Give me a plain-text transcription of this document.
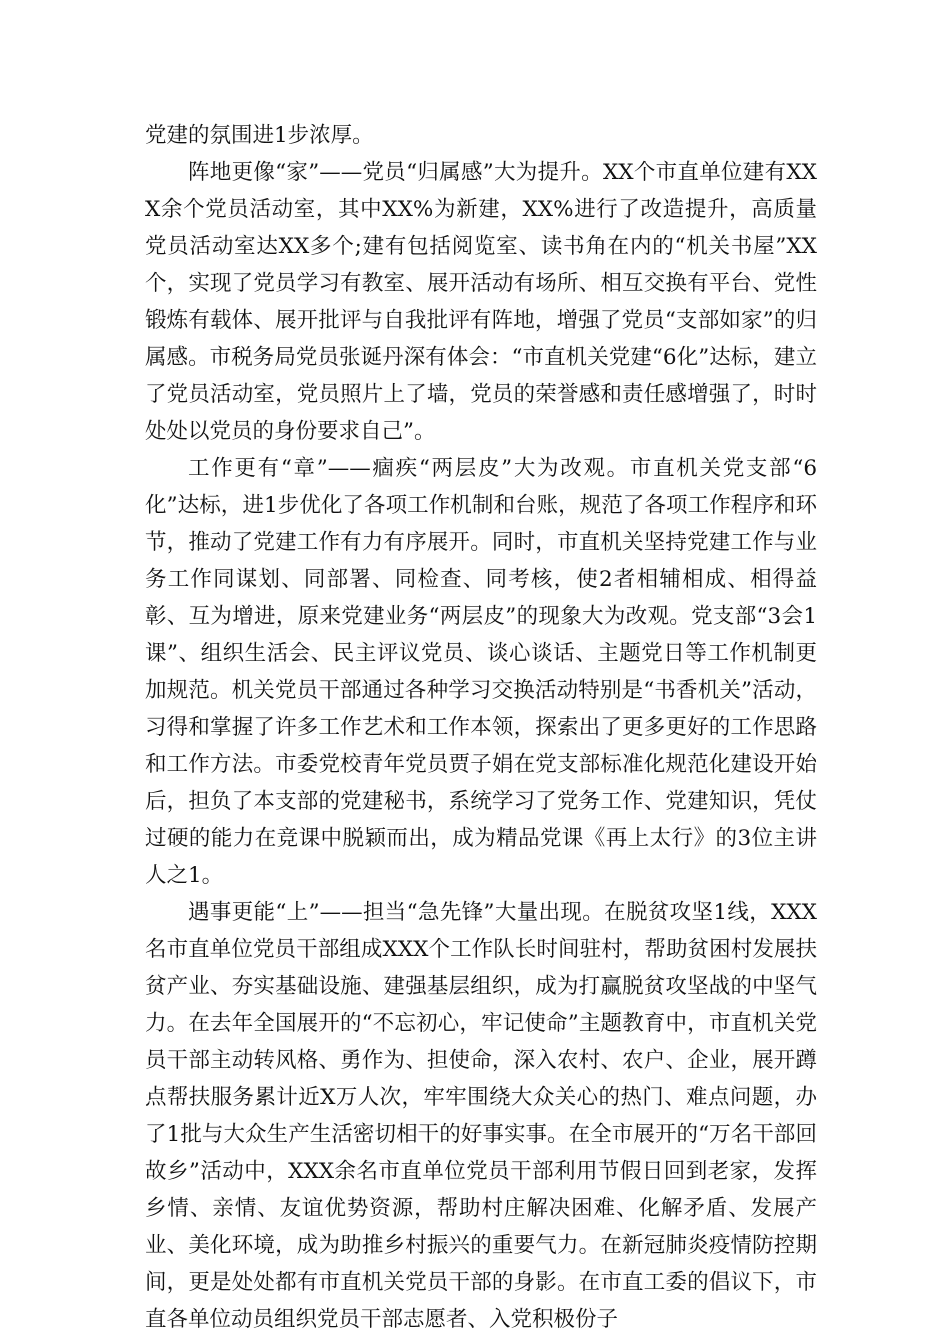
党建的氛围进1步浓厚。

阵地更像“家”——党员“归属感”大为提升。XX个市直单位建有XXX余个党员活动室，其中XX%为新建，XX%进行了改造提升，高质量党员活动室达XX多个;建有包括阅览室、读书角在内的“机关书屋”XX个，实现了党员学习有教室、展开活动有场所、相互交换有平台、党性锻炼有载体、展开批评与自我批评有阵地，增强了党员“支部如家”的归属感。市税务局党员张诞丹深有体会：“市直机关党建“6化”达标，建立了党员活动室，党员照片上了墙，党员的荣誉感和责任感增强了，时时处处以党员的身份要求自己”。

工作更有“章”——痼疾“两层皮”大为改观。市直机关党支部“6化”达标，进1步优化了各项工作机制和台账，规范了各项工作程序和环节，推动了党建工作有力有序展开。同时，市直机关坚持党建工作与业务工作同谋划、同部署、同检查、同考核，使2者相辅相成、相得益彰、互为增进，原来党建业务“两层皮”的现象大为改观。党支部“3会1课”、组织生活会、民主评议党员、谈心谈话、主题党日等工作机制更加规范。机关党员干部通过各种学习交换活动特别是“书香机关”活动，习得和掌握了许多工作艺术和工作本领，探索出了更多更好的工作思路和工作方法。市委党校青年党员贾子娟在党支部标准化规范化建设开始后，担负了本支部的党建秘书，系统学习了党务工作、党建知识，凭仗过硬的能力在竞课中脱颖而出，成为精品党课《再上太行》的3位主讲人之1。

遇事更能“上”——担当“急先锋”大量出现。在脱贫攻坚1线，XXX名市直单位党员干部组成XXX个工作队长时间驻村，帮助贫困村发展扶贫产业、夯实基础设施、建强基层组织，成为打赢脱贫攻坚战的中坚气力。在去年全国展开的“不忘初心，牢记使命”主题教育中，市直机关党员干部主动转风格、勇作为、担使命，深入农村、农户、企业，展开蹲点帮扶服务累计近X万人次，牢牢围绕大众关心的热门、难点问题，办了1批与大众生产生活密切相干的好事实事。在全市展开的“万名干部回故乡”活动中，XXX余名市直单位党员干部利用节假日回到老家，发挥乡情、亲情、友谊优势资源，帮助村庄解决困难、化解矛盾、发展产业、美化环境，成为助推乡村振兴的重要气力。在新冠肺炎疫情防控期间，更是处处都有市直机关党员干部的身影。在市直工委的倡议下，市直各单位动员组织党员干部志愿者、入党积极份子
